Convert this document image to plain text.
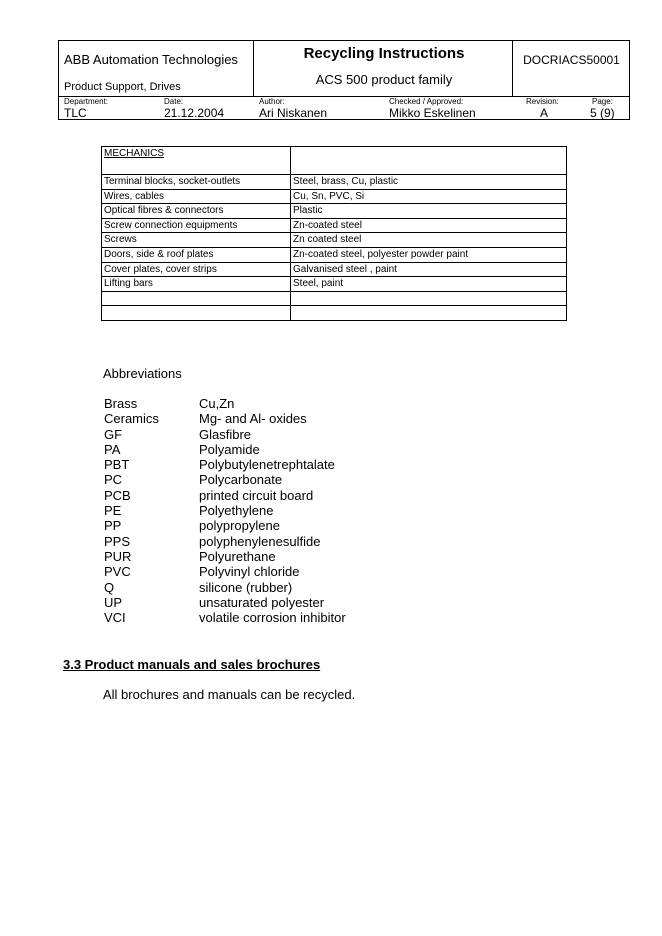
ABB Automation Technologies
Product Support, Drives
Recycling Instructions
ACS 500 product family
DOCRIACS50001
Department:
TLC
Date:
21.12.2004
Author:
Ari Niskanen
Checked / Approved:
Mikko Eskelinen
Revision:
A
Page:
5 (9)
MECHANICS	
Terminal blocks, socket-outlets	Steel, brass, Cu, plastic
Wires, cables	Cu, Sn, PVC, Si
Optical fibres & connectors	Plastic
Screw connection equipments	Zn-coated steel
Screws	Zn coated steel
Doors, side & roof plates	Zn-coated steel, polyester powder paint
Cover plates, cover strips	Galvanised steel , paint
Lifting bars	Steel, paint

Abbreviations
Brass	Cu,Zn
Ceramics	Mg- and Al- oxides
GF	Glasfibre
PA	Polyamide
PBT	Polybutylenetrephtalate
PC	Polycarbonate
PCB	printed circuit board
PE	Polyethylene
PP	polypropylene
PPS	polyphenylenesulfide
PUR	Polyurethane
PVC	Polyvinyl chloride
Q	silicone (rubber)
UP	unsaturated polyester
VCI	volatile corrosion inhibitor
3.3 Product manuals and sales brochures
All brochures and manuals can be recycled.
